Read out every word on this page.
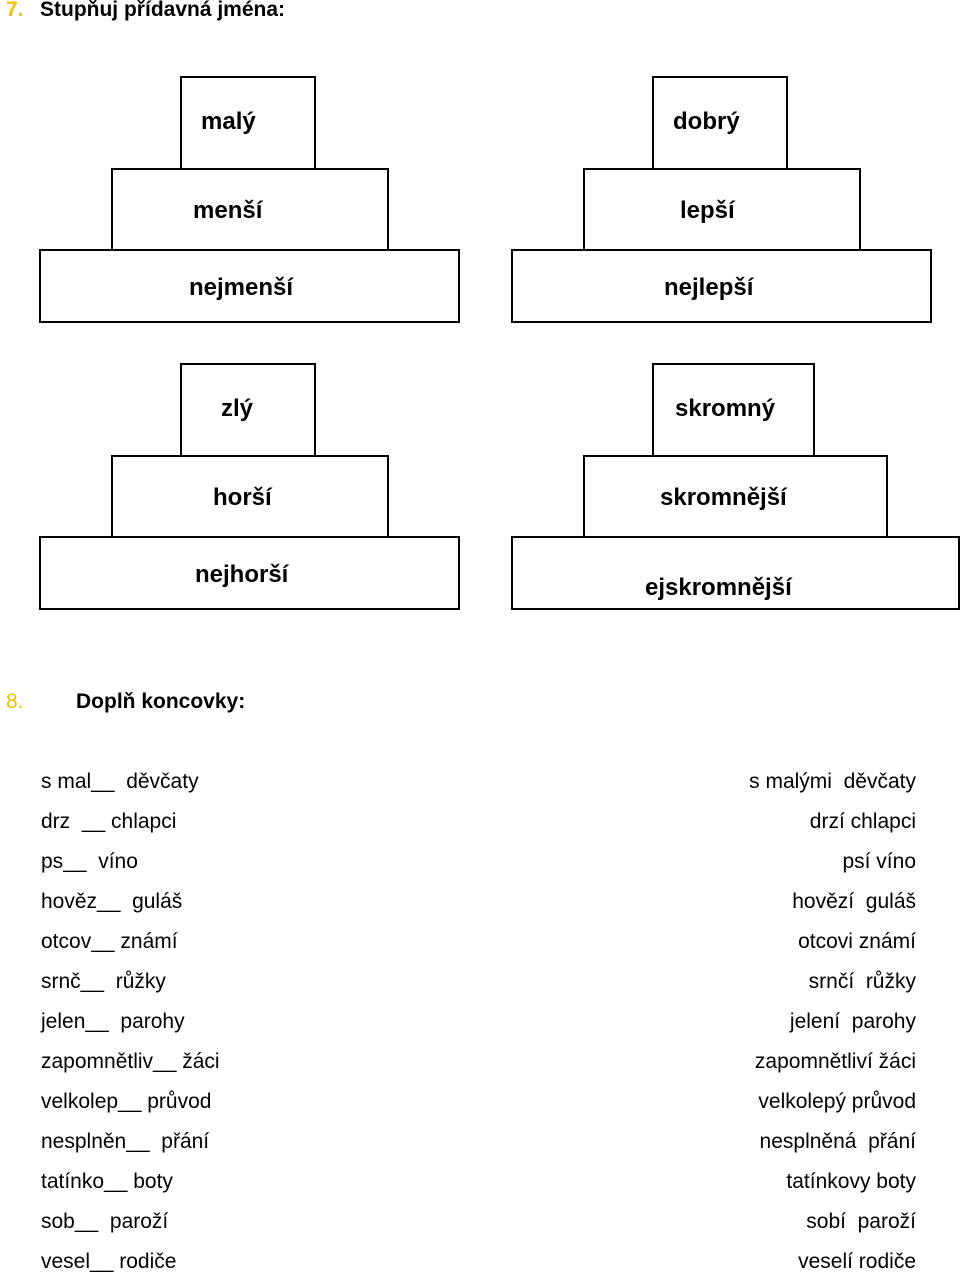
7. Stupňuj přídavná jména:
malý
menší
nejmenší
dobrý
lepší
nejlepší
zlý
horší
nejhorší
skromný
skromnější
ejskromnější
8.	Doplň koncovky:
s mal__  děvčaty
drz  __ chlapci
ps__  víno
hověz__  guláš
otcov__ známí
srnč__  růžky
jelen__  parohy
zapomnětliv__ žáci
velkolep__ průvod
nesplněn__  přání
tatínko__ boty
sob__  paroží
vesel__ rodiče
s malými  děvčaty
drzí chlapci
psí víno
hovězí  guláš
otcovi známí
srnčí  růžky
jelení  parohy
zapomnětliví žáci
velkolepý průvod
nesplněná  přání
tatínkovy boty
sobí  paroží
veselí rodiče
